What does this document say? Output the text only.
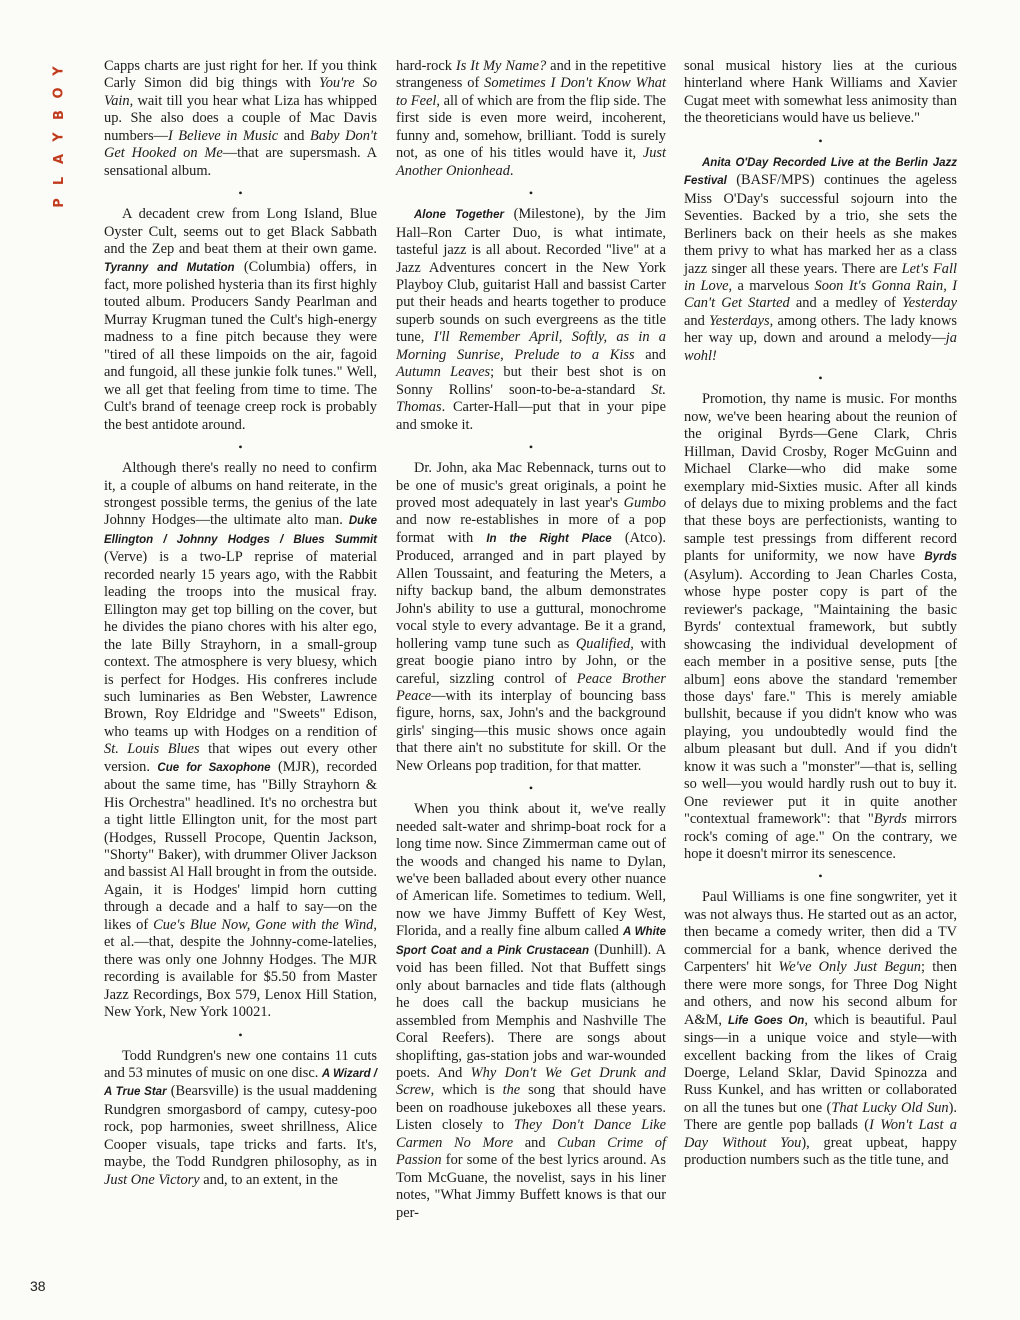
Y
O
B
Y
A
L
P
38

Capps charts are just right for her. If you think Carly Simon did big things with You're So Vain, wait till you hear what Liza has whipped up. She also does a couple of Mac Davis numbers—I Believe in Music and Baby Don't Get Hooked on Me—that are supersmash. A sensational album.

•

A decadent crew from Long Island, Blue Oyster Cult, seems out to get Black Sabbath and the Zep and beat them at their own game. Tyranny and Mutation (Columbia) offers, in fact, more polished hysteria than its first highly touted album. Producers Sandy Pearlman and Murray Krugman tuned the Cult's high-energy madness to a fine pitch because they were "tired of all these limpoids on the air, fagoid and fungoid, all these junkie folk tunes." Well, we all get that feeling from time to time. The Cult's brand of teenage creep rock is probably the best antidote around.

•

Although there's really no need to confirm it, a couple of albums on hand reiterate, in the strongest possible terms, the genius of the late Johnny Hodges—the ultimate alto man. Duke Ellington / Johnny Hodges / Blues Summit (Verve) is a two-LP reprise of material recorded nearly 15 years ago, with the Rabbit leading the troops into the musical fray. Ellington may get top billing on the cover, but he divides the piano chores with his alter ego, the late Billy Strayhorn, in a small-group context. The atmosphere is very bluesy, which is perfect for Hodges. His confreres include such luminaries as Ben Webster, Lawrence Brown, Roy Eldridge and "Sweets" Edison, who teams up with Hodges on a rendition of St. Louis Blues that wipes out every other version. Cue for Saxophone (MJR), recorded about the same time, has "Billy Strayhorn & His Orchestra" headlined. It's no orchestra but a tight little Ellington unit, for the most part (Hodges, Russell Procope, Quentin Jackson, "Shorty" Baker), with drummer Oliver Jackson and bassist Al Hall brought in from the outside. Again, it is Hodges' limpid horn cutting through a decade and a half to say—on the likes of Cue's Blue Now, Gone with the Wind, et al.—that, despite the Johnny-come-latelies, there was only one Johnny Hodges. The MJR recording is available for $5.50 from Master Jazz Recordings, Box 579, Lenox Hill Station, New York, New York 10021.

•

Todd Rundgren's new one contains 11 cuts and 53 minutes of music on one disc. A Wizard / A True Star (Bearsville) is the usual maddening Rundgren smorgasbord of campy, cutesy-poo rock, pop harmonies, sweet shrillness, Alice Cooper visuals, tape tricks and farts. It's, maybe, the Todd Rundgren philosophy, as in Just One Victory and, to an extent, in the

hard-rock Is It My Name? and in the repetitive strangeness of Sometimes I Don't Know What to Feel, all of which are from the flip side. The first side is even more weird, incoherent, funny and, somehow, brilliant. Todd is surely not, as one of his titles would have it, Just Another Onionhead.

•

Alone Together (Milestone), by the Jim Hall–Ron Carter Duo, is what intimate, tasteful jazz is all about. Recorded "live" at a Jazz Adventures concert in the New York Playboy Club, guitarist Hall and bassist Carter put their heads and hearts together to produce superb sounds on such evergreens as the title tune, I'll Remember April, Softly, as in a Morning Sunrise, Prelude to a Kiss and Autumn Leaves; but their best shot is on Sonny Rollins' soon-to-be-a-standard St. Thomas. Carter-Hall—put that in your pipe and smoke it.

•

Dr. John, aka Mac Rebennack, turns out to be one of music's great originals, a point he proved most adequately in last year's Gumbo and now re-establishes in more of a pop format with In the Right Place (Atco). Produced, arranged and in part played by Allen Toussaint, and featuring the Meters, a nifty backup band, the album demonstrates John's ability to use a guttural, monochrome vocal style to every advantage. Be it a grand, hollering vamp tune such as Qualified, with great boogie piano intro by John, or the careful, sizzling control of Peace Brother Peace—with its interplay of bouncing bass figure, horns, sax, John's and the background girls' singing—this music shows once again that there ain't no substitute for skill. Or the New Orleans pop tradition, for that matter.

•

When you think about it, we've really needed salt-water and shrimp-boat rock for a long time now. Since Zimmerman came out of the woods and changed his name to Dylan, we've been balladed about every other nuance of American life. Sometimes to tedium. Well, now we have Jimmy Buffett of Key West, Florida, and a really fine album called A White Sport Coat and a Pink Crustacean (Dunhill). A void has been filled. Not that Buffett sings only about barnacles and tide flats (although he does call the backup musicians he assembled from Memphis and Nashville The Coral Reefers). There are songs about shoplifting, gas-station jobs and war-wounded poets. And Why Don't We Get Drunk and Screw, which is the song that should have been on roadhouse jukeboxes all these years. Listen closely to They Don't Dance Like Carmen No More and Cuban Crime of Passion for some of the best lyrics around. As Tom McGuane, the novelist, says in his liner notes, "What Jimmy Buffett knows is that our per-

sonal musical history lies at the curious hinterland where Hank Williams and Xavier Cugat meet with somewhat less animosity than the theoreticians would have us believe."

•

Anita O'Day Recorded Live at the Berlin Jazz Festival (BASF/MPS) continues the ageless Miss O'Day's successful sojourn into the Seventies. Backed by a trio, she sets the Berliners back on their heels as she makes them privy to what has marked her as a class jazz singer all these years. There are Let's Fall in Love, a marvelous Soon It's Gonna Rain, I Can't Get Started and a medley of Yesterday and Yesterdays, among others. The lady knows her way up, down and around a melody—ja wohl!

•

Promotion, thy name is music. For months now, we've been hearing about the reunion of the original Byrds—Gene Clark, Chris Hillman, David Crosby, Roger McGuinn and Michael Clarke—who did make some exemplary mid-Sixties music. After all kinds of delays due to mixing problems and the fact that these boys are perfectionists, wanting to sample test pressings from different record plants for uniformity, we now have Byrds (Asylum). According to Jean Charles Costa, whose hype poster copy is part of the reviewer's package, "Maintaining the basic Byrds' contextual framework, but subtly showcasing the individual development of each member in a positive sense, puts [the album] eons above the standard 'remember those days' fare." This is merely amiable bullshit, because if you didn't know who was playing, you undoubtedly would find the album pleasant but dull. And if you didn't know it was such a "monster"—that is, selling so well—you would hardly rush out to buy it. One reviewer put it in quite another "contextual framework": that "Byrds mirrors rock's coming of age." On the contrary, we hope it doesn't mirror its senescence.

•

Paul Williams is one fine songwriter, yet it was not always thus. He started out as an actor, then became a comedy writer, then did a TV commercial for a bank, whence derived the Carpenters' hit We've Only Just Begun; then there were more songs, for Three Dog Night and others, and now his second album for A&M, Life Goes On, which is beautiful. Paul sings—in a unique voice and style—with excellent backing from the likes of Craig Doerge, Leland Sklar, David Spinozza and Russ Kunkel, and has written or collaborated on all the tunes but one (That Lucky Old Sun). There are gentle pop ballads (I Won't Last a Day Without You), great upbeat, happy production numbers such as the title tune, and
